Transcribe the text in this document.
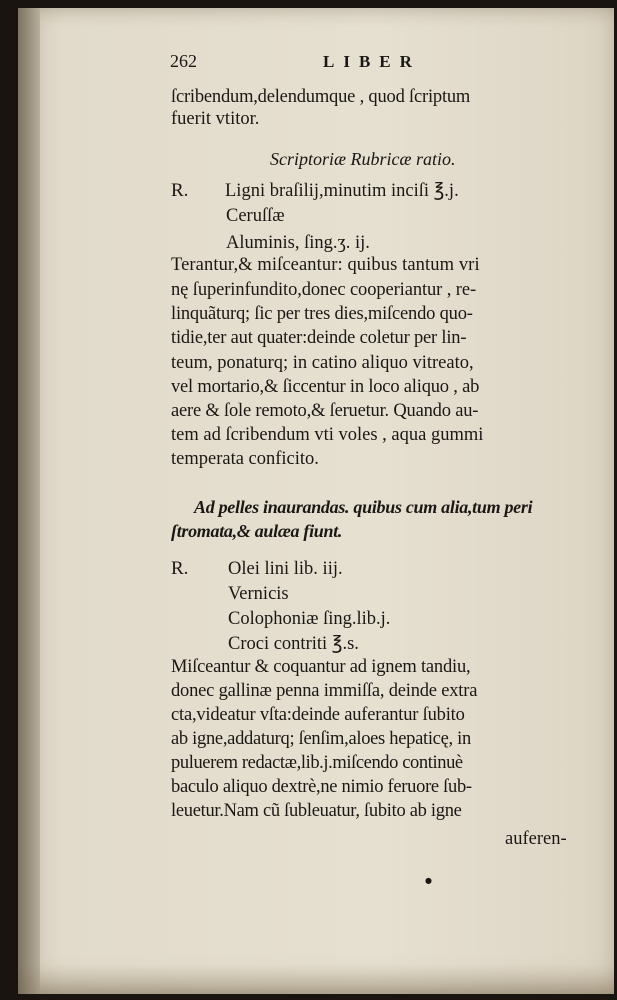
262	LIBER
ſcribendum,delendumque , quod ſcriptum
fuerit vtitor.
Scriptoriæ Rubricæ ratio.
R. Ligni braſilij,minutim inciſi ℥.j.
Ceruſſæ
Aluminis, ſing.ʒ. ij.
Terantur,& miſceantur: quibus tantum vri
nę ſuperinfundito,donec cooperiantur , re-
linquãturq; ſic per tres dies,miſcendo quo-
tidie,ter aut quater:deinde coletur per lin-
teum, ponaturq; in catino aliquo vitreato,
vel mortario,& ſiccentur in loco aliquo , ab
aere & ſole remoto,& ſeruetur. Quando au-
tem ad ſcribendum vti voles , aqua gummi
temperata conficito.
Ad pelles inaurandas. quibus cum alia,tum peri
ſtromata,& aulæa fiunt.
R. Olei lini lib. iij.
Vernicis
Colophoniæ ſing.lib.j.
Croci contriti ℥.s.
Miſceantur & coquantur ad ignem tandiu,
donec gallinæ penna immiſſa, deinde extra
cta,videatur vſta:deinde auferantur ſubito
ab igne,addaturq; ſenſim,aloes hepaticę, in
puluerem redactæ,lib.j.miſcendo continuè
baculo aliquo dextrè,ne nimio feruore ſub-
leuetur.Nam cũ ſubleuatur, ſubito ab igne
auferen-
●
